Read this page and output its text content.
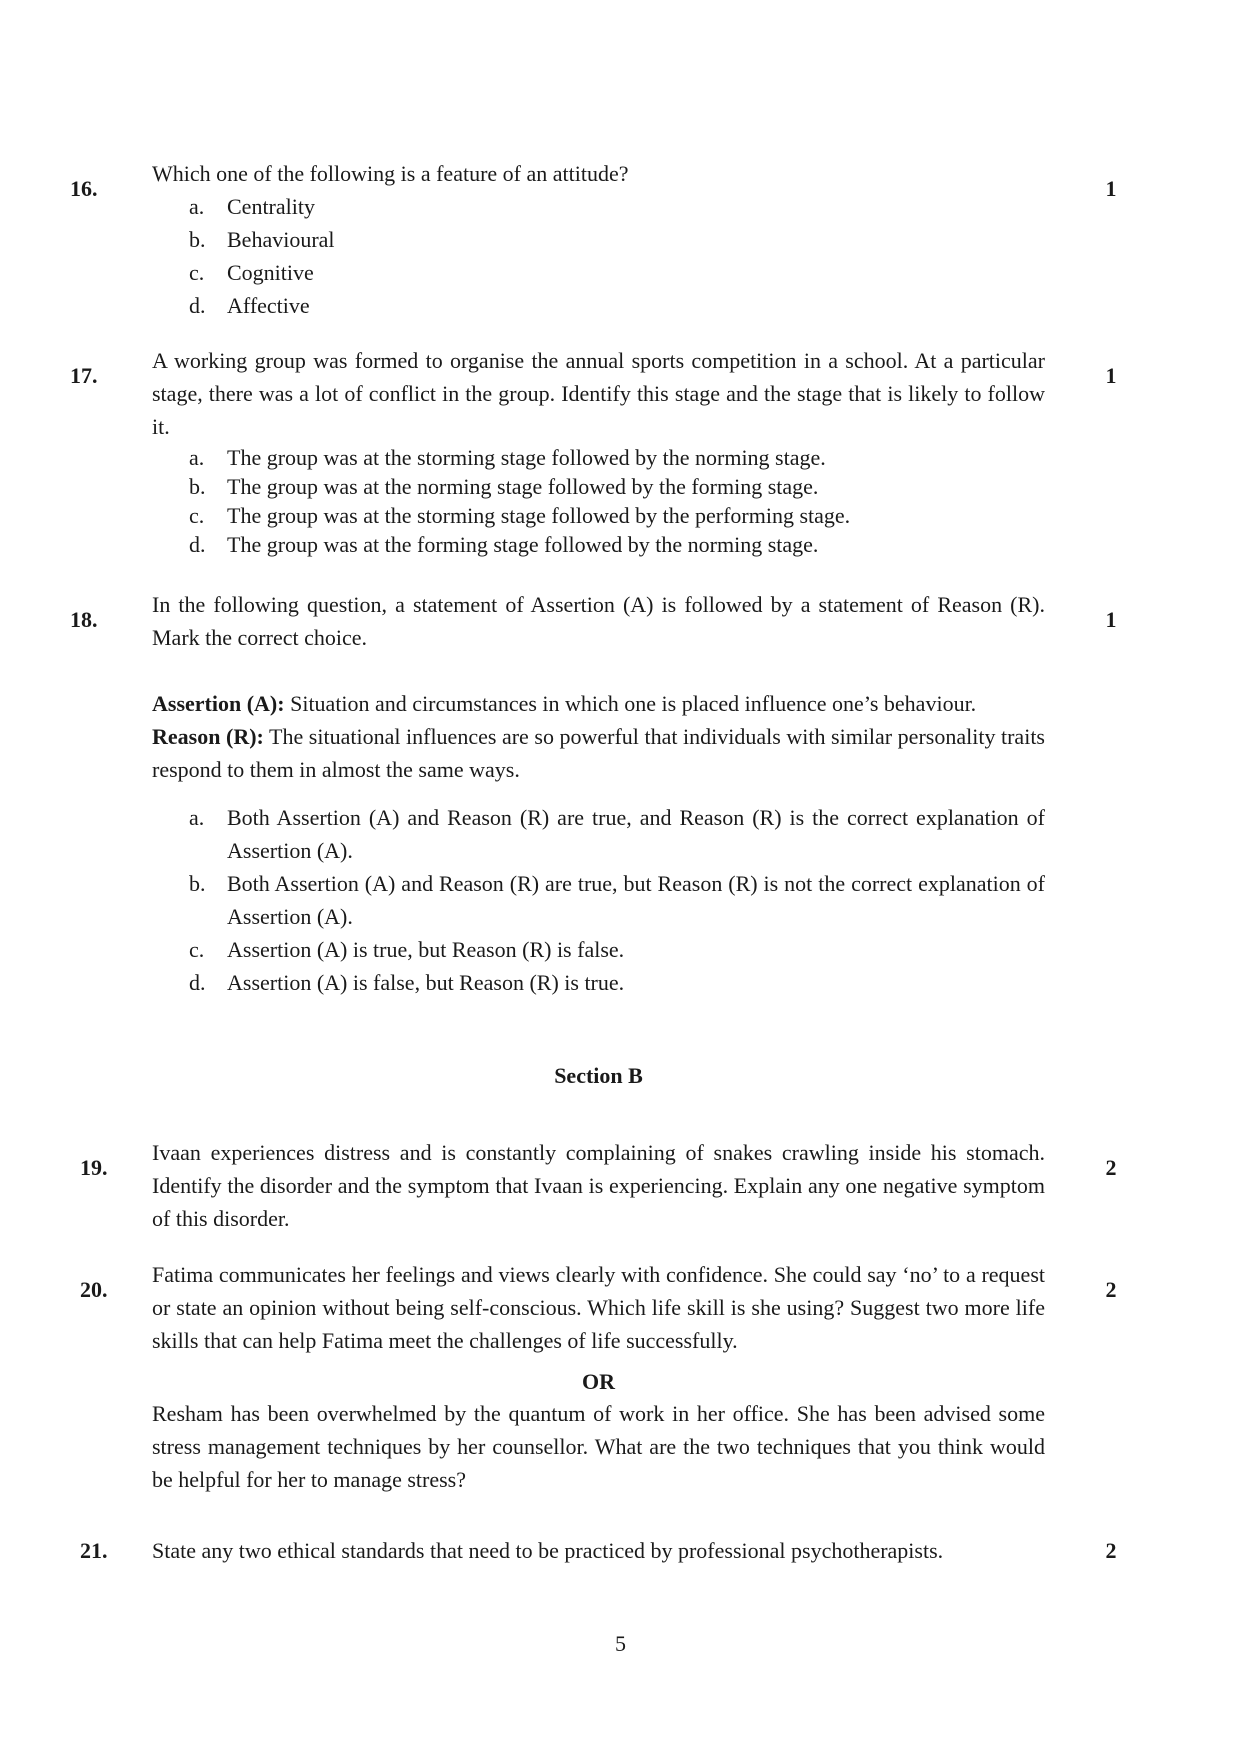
16.

Which one of the following is a feature of an attitude?

a. Centrality
b. Behavioural
c. Cognitive
d. Affective
1
17.

A working group was formed to organise the annual sports competition in a school. At a particular stage, there was a lot of conflict in the group. Identify this stage and the stage that is likely to follow it.

a. The group was at the storming stage followed by the norming stage.
b. The group was at the norming stage followed by the forming stage.
c. The group was at the storming stage followed by the performing stage.
d. The group was at the forming stage followed by the norming stage.
1
18.

In the following question, a statement of Assertion (A) is followed by a statement of Reason (R). Mark the correct choice.

Assertion (A): Situation and circumstances in which one is placed influence one’s behaviour.

Reason (R): The situational influences are so powerful that individuals with similar personality traits respond to them in almost the same ways.

a. Both Assertion (A) and Reason (R) are true, and Reason (R) is the correct explanation of Assertion (A).
b. Both Assertion (A) and Reason (R) are true, but Reason (R) is not the correct explanation of Assertion (A).
c. Assertion (A) is true, but Reason (R) is false.
d. Assertion (A) is false, but Reason (R) is true.
1
Section B
19.

Ivaan experiences distress and is constantly complaining of snakes crawling inside his stomach. Identify the disorder and the symptom that Ivaan is experiencing. Explain any one negative symptom of this disorder.

2
20.

Fatima communicates her feelings and views clearly with confidence. She could say ‘no’ to a request or state an opinion without being self-conscious. Which life skill is she using? Suggest two more life skills that can help Fatima meet the challenges of life successfully.

OR

Resham has been overwhelmed by the quantum of work in her office. She has been advised some stress management techniques by her counsellor. What are the two techniques that you think would be helpful for her to manage stress?

2
21. State any two ethical standards that need to be practiced by professional psychotherapists.	2
5
